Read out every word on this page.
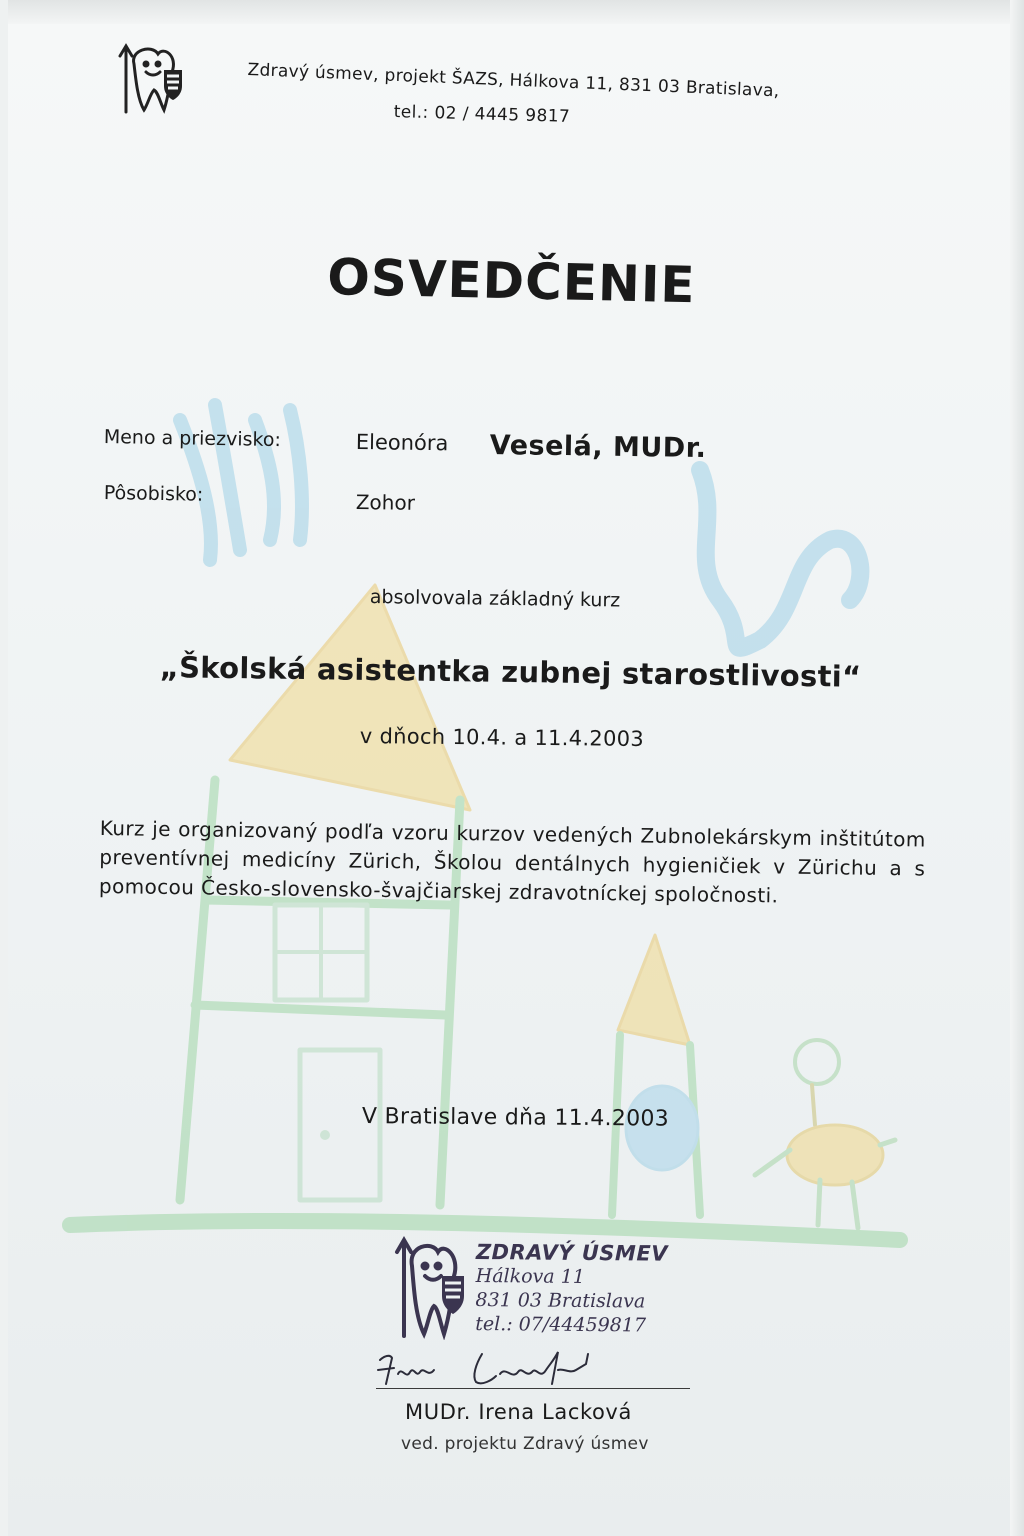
Zdravý úsmev, projekt ŠAZS, Hálkova 11, 831 03 Bratislava,
tel.: 02 / 4445 9817
OSVEDČENIE
Meno a priezvisko:	Eleonóra Veselá, MUDr.
Pôsobisko:	Zohor
absolvovala základný kurz
„Školská asistentka zubnej starostlivosti“
v dňoch 10.4. a 11.4.2003
Kurz je organizovaný podľa vzoru kurzov vedených Zubnolekárskym inštitútom preventívnej medicíny Zürich, Školou dentálnych hygieničiek v Zürichu a s pomocou Česko-slovensko-švajčiarskej zdravotníckej spoločnosti.
V Bratislave dňa 11.4.2003
ZDRAVÝ ÚSMEV
Hálkova 11
831 03 Bratislava
tel.: 07/44459817
MUDr. Irena Lacková
ved. projektu Zdravý úsmev
